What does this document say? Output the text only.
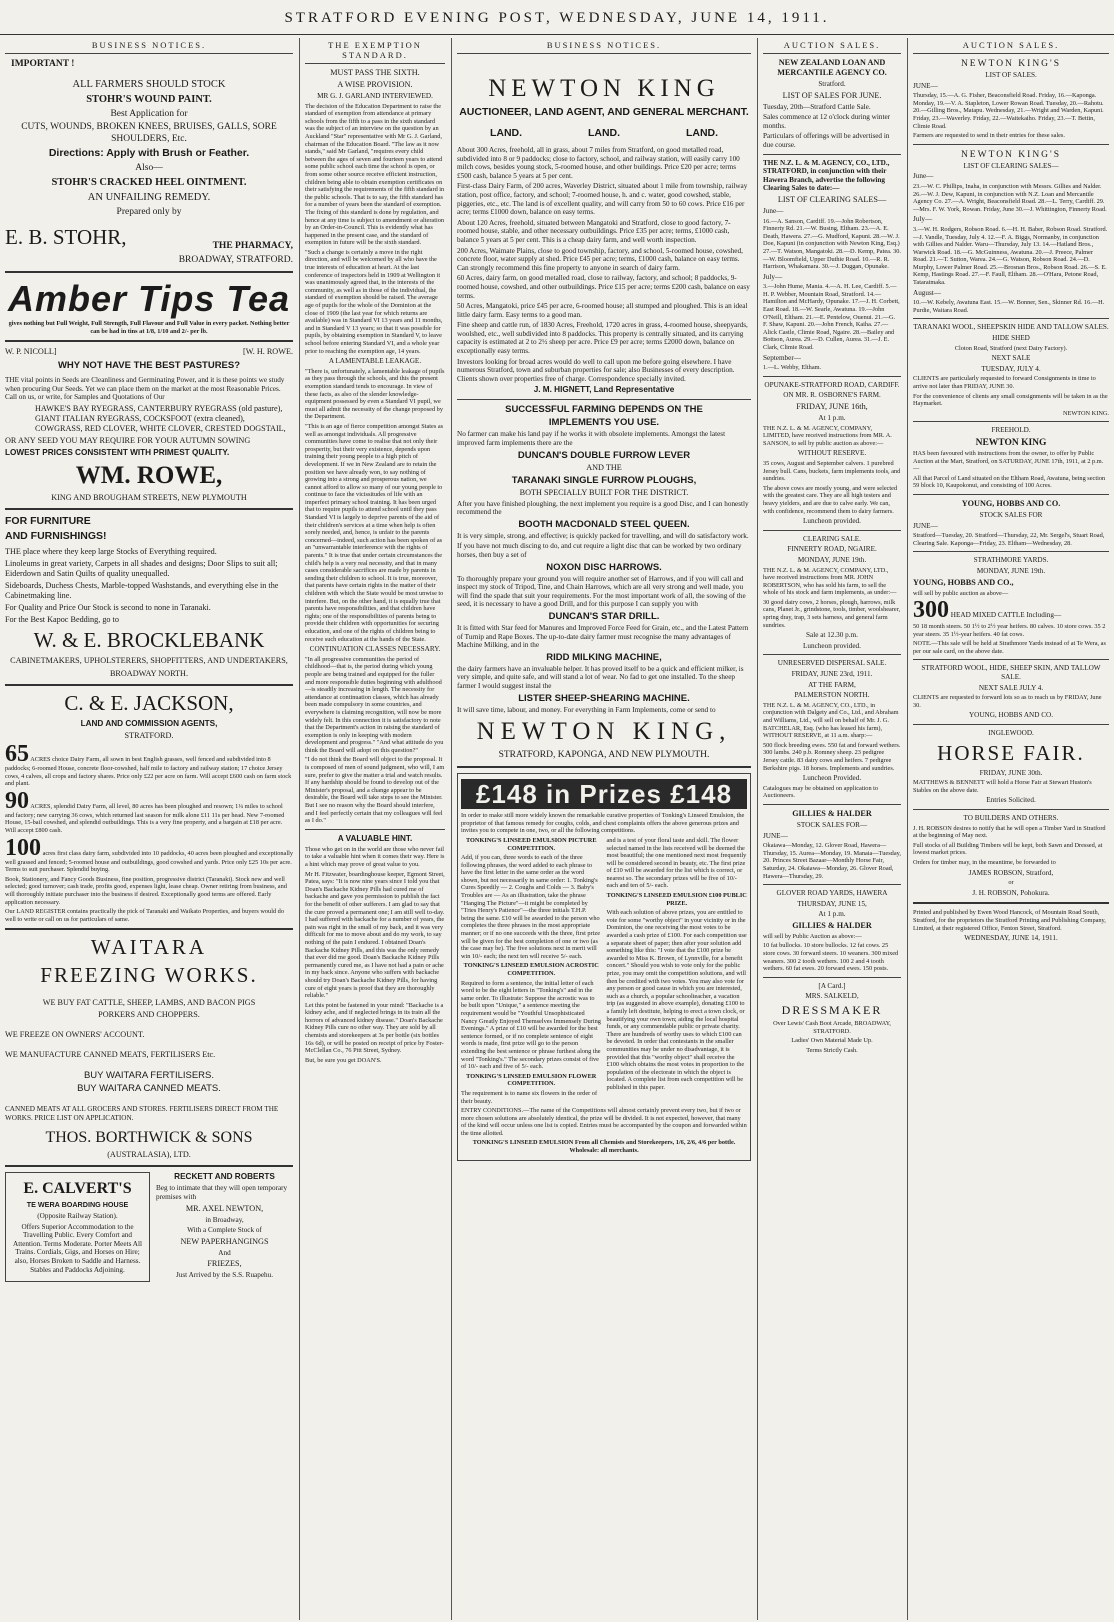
STRATFORD EVENING POST, WEDNESDAY, JUNE 14, 1911.
BUSINESS NOTICES.

IMPORTANT !

ALL FARMERS SHOULD STOCK

STOHR'S WOUND PAINT.

Best Application for

CUTS, WOUNDS, BROKEN KNEES, BRUISES, GALLS, SORE SHOULDERS, Etc.

Directions: Apply with Brush or Feather.

Also—

STOHR'S CRACKED HEEL OINTMENT.

AN UNFAILING REMEDY.

Prepared only by

E. B. STOHR,	THE PHARMACY,

BROADWAY, STRATFORD.

Amber Tips Tea

gives nothing but Full Weight, Full Strength, Full Flavour and Full Value in every packet. Nothing better can be had in tins at 1/8, 1/10 and 2/- per lb.

W. P. NICOLL]	[W. H. ROWE.

WHY NOT HAVE THE BEST PASTURES?

THE vital points in Seeds are Cleanliness and Germinating Power, and it is these points we study when procuring Our Seeds. Yet we can place them on the market at the most Reasonable Prices. Call on us, or write, for Samples and Quotations of Our

HAWKE'S BAY RYEGRASS, CANTERBURY RYEGRASS (old pasture), GIANT ITALIAN RYEGRASS, COCKSFOOT (extra cleaned), COWGRASS, RED CLOVER, WHITE CLOVER, CRESTED DOGSTAIL,

OR ANY SEED YOU MAY REQUIRE FOR YOUR AUTUMN SOWING

LOWEST PRICES CONSISTENT WITH PRIMEST QUALITY.

WM. ROWE,

KING AND BROUGHAM STREETS, NEW PLYMOUTH

FOR FURNITURE

AND FURNISHINGS!

THE place where they keep large Stocks of Everything required.

Linoleums in great variety, Carpets in all shades and designs; Door Slips to suit all; Eiderdown and Satin Quilts of quality unequalled.

Sideboards, Duchess Chests, Marble-topped Washstands, and everything else in the Cabinetmaking line.

For Quality and Price Our Stock is second to none in Taranaki.

For the Best Kapoc Bedding, go to

W. & E. BROCKLEBANK

CABINETMAKERS, UPHOLSTERERS, SHOPFITTERS, AND UNDERTAKERS,

BROADWAY NORTH.

C. & E. JACKSON,

LAND AND COMMISSION AGENTS,

STRATFORD.

65 ACRES choice Dairy Farm, all sown in best English grasses, well fenced and subdivided into 8 paddocks; 6-roomed House, concrete floor-cowshed, half mile to factory and railway station; 17 choice Jersey cows, 4 calves, all crops and factory shares. Price only £22 per acre on farm. Will accept £600 cash on farm stock and plant.

90 ACRES, splendid Dairy Farm, all level, 80 acres has been ploughed and resown; 1¼ miles to school and factory; new carrying 36 cows, which returned last season for milk alone £11 11s per head. New 7-roomed House, 15-bail cowshed, and splendid outbuildings. This is a very fine property, and a bargain at £18 per acre. Will accept £800 cash.

100 acres first class dairy farm, subdivided into 10 paddocks, 40 acres been ploughed and exceptionally well grassed and fenced; 5-roomed house and outbuildings, good cowshed and yards. Price only £25 10s per acre. Terms to suit purchaser. Splendid buying.

Book, Stationery, and Fancy Goods Business, fine position, progressive district (Taranaki). Stock new and well selected; good turnover; cash trade, profits good, expenses light, lease cheap. Owner retiring from business, and will thoroughly initiate purchaser into the business if desired. Exceptionally good terms are offered. Early application necessary.

Our LAND REGISTER contains practically the pick of Taranaki and Waikato Properties, and buyers would do well to write or call on us for particulars of same.

WAITARA

FREEZING WORKS.

WE BUY FAT CATTLE, SHEEP, LAMBS, AND BACON PIGS

PORKERS AND CHOPPERS.

WE FREEZE ON OWNERS' ACCOUNT.

WE MANUFACTURE CANNED MEATS, FERTILISERS Etc.

BUY WAITARA FERTILISERS.

BUY WAITARA CANNED MEATS.

CANNED MEATS AT ALL GROCERS AND STORES. FERTILISERS DIRECT FROM THE WORKS. PRICE LIST ON APPLICATION.

THOS. BORTHWICK & SONS

(AUSTRALASIA), LTD.

E. CALVERT'S

TE WERA BOARDING HOUSE

(Opposite Railway Station).

Offers Superior Accommodation to the Travelling Public. Every Comfort and Attention. Terms Moderate. Porter Meets All Trains. Cordials, Gigs, and Horses on Hire; also, Horses Broken to Saddle and Harness. Stables and Paddocks Adjoining.

RECKETT AND ROBERTS

Beg to intimate that they will open temporary premises with

MR. AXEL NEWTON,

in Broadway,

With a Complete Stock of

NEW PAPERHANGINGS

And

FRIEZES,

Just Arrived by the S.S. Ruapehu.

THE EXEMPTION STANDARD.

MUST PASS THE SIXTH.

A WISE PROVISION.

MR G. J. GARLAND INTERVIEWED.

The decision of the Education Department to raise the standard of exemption from attendance at primary schools from the fifth to a pass in the sixth standard was the subject of an interview on the question by an Auckland "Star" representative with Mr G. J. Garland, chairman of the Education Board. "The law as it now stands," said Mr Garland, "requires every child between the ages of seven and fourteen years to attend some public school each time the school is open, or from some other source receive efficient instruction, children being able to obtain exemption certificates on their satisfying the requirements of the fifth standard in the public schools. That is to say, the fifth standard has for a number of years been the standard of exemption. The fixing of this standard is done by regulation, and hence at any time is subject to amendment or alteration by an Order-in-Council. This is evidently what has happened in the present case, and the standard of exemption in future will be the sixth standard.

"Such a change is certainly a move in the right direction, and will be welcomed by all who have the true interests of education at heart. At the last conference of inspectors held in 1909 at Wellington it was unanimously agreed that, in the interests of the community, as well as in those of the individual, the standard of exemption should be raised. The average age of pupils for the whole of the Dominion at the close of 1909 (the last year for which returns are available) was in Standard VI 13 years and 11 months, and in Standard V 13 years; so that it was possible for pupils, by obtaining exemption in Standard V, to leave school before entering Standard VI, and a whole year prior to reaching the exemption age, 14 years.

A LAMENTABLE LEAKAGE.

"There is, unfortunately, a lamentable leakage of pupils as they pass through the schools, and this the present exemption standard tends to encourage. In view of these facts, as also of the slender knowledge-equipment possessed by even a Standard VI pupil, we must all admit the necessity of the change proposed by the Department.

"This is an age of fierce competition amongst States as well as amongst individuals. All progressive communities have come to realise that not only their prosperity, but their very existence, depends upon training their young people to a high pitch of development. If we in New Zealand are to retain the position we have already won, to say nothing of growing into a strong and prosperous nation, we cannot afford to allow so many of our young people to continue to face the vicissitudes of life with an imperfect primary school training. It has been urged that to require pupils to attend school until they pass Standard VI is largely to deprive parents of the aid of their children's services at a time when help is often sorely needed, and, hence, is unfair to the parents concerned—indeed, such action has been spoken of as an "unwarrantable interference with the rights of parents." It is true that under certain circumstances the child's help is a very real necessity, and that in many cases considerable sacrifices are made by parents in sending their children to school. It is true, moreover, that parents have certain rights in the matter of their children with which the State would be most unwise to interfere. But, on the other hand, it is equally true that parents have responsibilities, and that children have rights; one of the responsibilities of parents being to provide their children with opportunities for securing education, and one of the rights of children being to receive such education at the hands of the State.

CONTINUATION CLASSES NECESSARY.

"In all progressive communities the period of childhood—that is, the period during which young people are being trained and equipped for the fuller and more responsible duties beginning with adulthood—is steadily increasing in length. The necessity for attendance at continuation classes, which has already been made compulsory in some countries, and everywhere is claiming recognition, will now be more widely felt. In this connection it is satisfactory to note that the Department's action in raising the standard of exemption is only in keeping with modern development and progress." "And what attitude do you think the Board will adopt on this question?"

"I do not think the Board will object to the proposal. It is composed of men of sound judgment, who will, I am sure, prefer to give the matter a trial and watch results. If any hardship should be found to develop out of the Minister's proposal, and a change appear to be desirable, the Board will take steps to see the Minister. But I see no reason why the Board should interfere, and I feel perfectly certain that my colleagues will feel as I do."

A VALUABLE HINT.

Those who get on in the world are those who never fail to take a valuable hint when it comes their way. Here is a hint which may prove of great value to you.

Mr H. Fitzwater, boardinghouse keeper, Egmont Street, Patea, says: "It is now nine years since I told you that Doan's Backache Kidney Pills had cured me of backache and gave you permission to publish the fact for the benefit of other sufferers. I am glad to say that the cure proved a permanent one; I am still well to-day. I had suffered with backache for a number of years, the pain was right in the small of my back, and it was very difficult for me to move about and do my work, to say nothing of the pain I endured. I obtained Doan's Backache Kidney Pills, and this was the only remedy that ever did me good. Doan's Backache Kidney Pills permanently cured me, as I have not had a pain or ache in my back since. Anyone who suffers with backache should try Doan's Backache Kidney Pills, for having cure of eight years is proof that they are thoroughly reliable."

Let this point be fastened in your mind: "Backache is a kidney ache, and if neglected brings in its train all the horrors of advanced kidney disease." Doan's Backache Kidney Pills cure no other way. They are sold by all chemists and storekeepers at 3s per bottle (six bottles 16s 6d), or will be posted on receipt of price by Foster-McClellan Co., 76 Pitt Street, Sydney.

But, be sure you get DOAN'S.

BUSINESS NOTICES.

NEWTON KING

AUCTIONEER, LAND AGENT, AND GENERAL MERCHANT.

LAND.	LAND.	LAND.

About 300 Acres, freehold, all in grass, about 7 miles from Stratford, on good metalled road, subdivided into 8 or 9 paddocks; close to factory, school, and railway station, will easily carry 100 milch cows, besides young stock, 5-roomed house, and other buildings. Price £20 per acre; terms £500 cash, balance 5 years at 5 per cent.

First-class Dairy Farm, of 200 acres, Waverley District, situated about 1 mile from township, railway station, post office, factory, and school; 7-roomed house, h. and c. water, good cowshed, stable, piggeries, etc., etc. The land is of excellent quality, and will carry from 50 to 60 cows. Price £16 per acre; terms £1000 down, balance on easy terms.

About 120 Acres, freehold, situated between Mangatoki and Stratford, close to good factory, 7-roomed house, stable, and other necessary outbuildings. Price £35 per acre; terms, £1000 cash, balance 5 years at 5 per cent. This is a cheap dairy farm, and well worth inspection.

200 Acres, Waimate Plains, close to good township, factory, and school, 5-roomed house, cowshed, concrete floor, water supply at shed. Price £45 per acre; terms, £1000 cash, balance on easy terms. Can strongly recommend this fine property to anyone in search of dairy farm.

60 Acres, dairy farm, on good metalled road, close to railway, factory, and school; 8 paddocks, 9-roomed house, cowshed, and other outbuildings. Price £15 per acre; terms £200 cash, balance on easy terms.

50 Acres, Mangatoki, price £45 per acre, 6-roomed house; all stumped and ploughed. This is an ideal little dairy farm. Easy terms to a good man.

Fine sheep and cattle run, of 1830 Acres, Freehold, 1720 acres in grass, 4-roomed house, sheepyards, woolshed, etc., well subdivided into 8 paddocks. This property is centrally situated, and its carrying capacity is estimated at 2 to 2½ sheep per acre. Price £9 per acre; terms £2000 down, balance on exceptionally easy terms.

Investors looking for broad acres would do well to call upon me before going elsewhere. I have numerous Stratford, town and suburban properties for sale; also Businesses of every description. Clients shown over properties free of charge. Correspondence specially invited.

J. M. HIGNETT, Land Representative

SUCCESSFUL FARMING DEPENDS ON THE

IMPLEMENTS YOU USE.

No farmer can make his land pay if he works it with obsolete implements. Amongst the latest improved farm implements there are the

DUNCAN'S DOUBLE FURROW LEVER

AND THE

TARANAKI SINGLE FURROW PLOUGHS,

BOTH SPECIALLY BUILT FOR THE DISTRICT.

After you have finished ploughing, the next implement you require is a good Disc, and I can honestly recommend the

BOOTH MACDONALD STEEL QUEEN.

It is very simple, strong, and effective; is quickly packed for travelling, and will do satisfactory work.

If you have not much discing to do, and cut require a light disc that can be worked by two ordinary horses, then buy a set of

NOXON DISC HARROWS.

To thoroughly prepare your ground you will require another set of Harrows, and if you will call and inspect my stock of Tripod, Tine, and Chain Harrows, which are all very strong and well made, you will find the spade that suit your requirements. For the most important work of all, the sowing of the seed, it is necessary to have a good Drill, and for this purpose I can supply you with

DUNCAN'S STAR DRILL.

It is fitted with Star feed for Manures and Improved Force Feed for Grain, etc., and the Latest Pattern of Turnip and Rape Boxes. The up-to-date dairy farmer must recognise the many advantages of Machine Milking, and in the

RIDD MILKING MACHINE,

the dairy farmers have an invaluable helper. It has proved itself to be a quick and efficient milker, is very simple, and quite safe, and will stand a lot of wear. No fad to get one installed. To the sheep farmer I would suggest instal the

LISTER SHEEP-SHEARING MACHINE.

It will save time, labour, and money. For everything in Farm Implements, come or send to

NEWTON KING,

STRATFORD, KAPONGA, AND NEW PLYMOUTH.

£148 in Prizes £148

In order to make still more widely known the remarkable curative properties of Tonking's Linseed Emulsion, the proprietor of that famous remedy for coughs, colds, and chest complaints offers the above generous prizes and invites you to compete in one, two, or all the following competitions.

TONKING'S LINSEED EMULSION PICTURE COMPETITION.

Add, if you can, three words to each of the three following phrases, the word added to each phrase to have the first letter in the same order as the word shown, but not necessarily in same order: 1. Tonking's Cures Speedily — 2. Coughs and Colds — 3. Baby's Troubles are — As an illustration, take the phrase "Hanging The Picture"—it might be completed by "Tries Henry's Patience"—the three initials T.H.P. being the same. £10 will be awarded to the person who completes the three phrases in the most appropriate manner; or if no one succeeds with the three, first prize will be given for the best completion of one or two (as the case may be). The five solutions next in merit will win 10/- each; the next ten will receive 5/- each.

TONKING'S LINSEED EMULSION ACROSTIC COMPETITION.

Required to form a sentence, the initial letter of each word to be the eight letters in "Tonking's" and in the same order. To illustrate: Suppose the acrostic was to be built upon "Unique," a sentence meeting the requirement would be "Youthful Unsophisticated Nancy Greatly Enjoyed Themselves Immensely During Evenings." A prize of £10 will be awarded for the best sentence formed, or if no complete sentence of eight words is made, first prize will go to the person extending the best sentence or phrase furthest along the word "Tonking's." The secondary prizes consist of five of 10/- each and five of 5/- each.

TONKING'S LINSEED EMULSION FLOWER COMPETITION.

The requirement is to name six flowers in the order of their beauty.

and is a test of your floral taste and skill. The flower selected named in the lists received will be deemed the most beautiful; the one mentioned next most frequently will be considered second in beauty, etc. The first prize of £10 will be awarded for the list which is correct, or nearest so. The secondary prizes will be five of 10/- each and ten of 5/- each.

TONKING'S LINSEED EMULSION £100 PUBLIC PRIZE.

With each solution of above prizes, you are entitled to vote for some "worthy object" in your vicinity or in the Dominion, the one receiving the most votes to be awarded a cash prize of £100. For each competition use a separate sheet of paper; then after your solution add something like this: "I vote that the £100 prize be awarded to Miss K. Brown, of Lynnville, for a benefit concert." Should you wish to vote only for the public prize, you may omit the competition solutions, and will then be credited with two votes. You may also vote for any person or good cause in which you are interested, such as a church, a popular schoolteacher, a vacation trip (as suggested in above example), donating £100 to a family left destitute, helping to erect a town clock, or beautifying your own town; aiding the local hospital funds, or any commendable public or private charity. There are hundreds of worthy uses to which £100 can be devoted. In order that contestants in the smaller communities may be under no disadvantage, it is provided that this "worthy object" shall receive the £100 which obtains the most votes in proportion to the population of the electorate in which the object is located. A complete list from each competition will be published in this paper.

ENTRY CONDITIONS.—The name of the Competitions will almost certainly prevent every two, but if two or more chosen solutions are absolutely identical, the prize will be divided. It is not expected, however, that many of the kind will occur unless one list is copied. Entries must be accompanied by the coupon and forwarded within the time allotted.

TONKING'S LINSEED EMULSION From all Chemists and Storekeepers, 1/6, 2/6, 4/6 per bottle. Wholesale: all merchants.

AUCTION SALES.

NEW ZEALAND LOAN AND MERCANTILE AGENCY CO.

Stratford.

LIST OF SALES FOR JUNE.

Tuesday, 20th—Stratford Cattle Sale.

Sales commence at 12 o'clock during winter months.

Particulars of offerings will be advertised in due course.

THE N.Z. L. & M. AGENCY, CO., LTD., STRATFORD, in conjunction with their Hawera Branch, advertise the following Clearing Sales to date:—

LIST OF CLEARING SALES—

June—

16.—A. Sanson, Cardiff. 19.—John Robertson, Finnerty Rd. 21.—W. Busing, Eltham. 23.—A. E. Death, Hawera. 27.—G. Mudford, Kapuni. 28.—W. J. Doe, Kapuni (in conjunction with Newton King, Esq.) 27.—T. Watson, Mangatoki. 28.—D. Kemp, Patea. 30.—W. Bloomfield, Upper Duthie Road. 10.—R. R. Harrison, Whakamara. 30.—J. Duggan, Opunake.

July—

3.—John Hume, Mania. 4.—A. H. Lee, Cardiff. 5.—H. P. Webber, Mountain Road, Stratford. 14.—Hamilton and McHardy, Opunake. 17.—J. H. Corbett, East Road. 18.—W. Searle, Awatuna. 19.—John O'Neill, Eltham. 21.—E. Pentelow, Ouenui. 21.—G. F. Shaw, Kapuni. 20.—John French, Kaiha. 27.—Alick Castle, Climie Road, Ngaire. 28.—Bailey and Bottson, Aurea. 29.—D. Cullen, Aurea. 31.—J. E. Clark, Climie Road.

September—

1.—L. Webby, Eltham.

OPUNAKE-STRATFORD ROAD, CARDIFF.

ON MR. R. OSBORNE'S FARM.

FRIDAY, JUNE 16th,

At 1 p.m.

THE N.Z. L. & M. AGENCY, COMPANY, LIMITED, have received instructions from MR. A. SANSON, to sell by public auction as above:—

WITHOUT RESERVE.

35 cows, August and September calvers. 1 purebred Jersey bull. Cans, buckets, farm implements tools, and sundries.

The above cows are mostly young, and were selected with the greatest care. They are all high testers and heavy yielders, and are due to calve early. We can, with confidence, recommend them to dairy farmers.

Luncheon provided.

CLEARING SALE.

FINNERTY ROAD, NGAIRE.

MONDAY, JUNE 19th.

THE N.Z. L. & M. AGENCY, COMPANY, LTD., have received instructions from MR. JOHN ROBERTSON, who has sold his farm, to sell the whole of his stock and farm implements, as under:—

30 good dairy cows, 2 horses, plough, harrows, milk cans, Planet Jr., grindstone, tools, timber, woolshearer, spring dray, trap, 3 sets harness, and general farm sundries.

Sale at 12.30 p.m.

Luncheon provided.

UNRESERVED DISPERSAL SALE.

FRIDAY, JUNE 23rd, 1911.

AT THE FARM,

PALMERSTON NORTH.

THE N.Z. L. & M. AGENCY, CO., LTD., in conjunction with Dalgety and Co., Ltd., and Abraham and Williams, Ltd., will sell on behalf of Mr. J. G. BATCHELAR, Esq. (who has leased his farm), WITHOUT RESERVE, at 11 a.m. sharp:—

500 flock breeding ewes. 550 fat and forward wethers. 300 lambs. 240 p.b. Romney sheep. 23 pedigree Jersey cattle. 83 dairy cows and heifers. 7 pedigree Berkshire pigs. 18 horses. Implements and sundries.

Luncheon Provided.

Catalogues may be obtained on application to Auctioneers.

GILLIES & HALDER

STOCK SALES FOR—

JUNE—

Okaiawa—Monday, 12. Glover Road, Hawera—Thursday, 15. Aurea—Monday, 19. Manaia—Tuesday, 20. Princes Street Bazaar—Monthly Horse Fair, Saturday, 24. Okaiawa—Monday, 26. Glover Road, Hawera—Thursday, 29.

GLOVER ROAD YARDS, HAWERA

THURSDAY, JUNE 15,

At 1 p.m.

GILLIES & HALDER

will sell by Public Auction as above:—

10 fat bullocks. 10 store bullocks. 12 fat cows. 25 store cows. 30 forward steers. 10 weaners. 300 mixed weaners. 300 2 tooth wethers. 100 2 and 4 tooth wethers. 60 fat ewes. 20 forward ewes. 150 posts.

[A Card.]

MRS. SALKELD,

DRESSMAKER

Over Lewis' Cash Boot Arcade, BROADWAY, STRATFORD.

Ladies' Own Material Made Up.

Terms Strictly Cash.

AUCTION SALES.

NEWTON KING'S

LIST OF SALES.

JUNE—

Thursday, 15.—A. G. Fisher, Beaconsfield Road. Friday, 16.—Kaponga. Monday, 19.—V. A. Stapleton, Lower Rowan Road. Tuesday, 20.—Rahotu. 20.—Gilling Bros., Matapu. Wednesday, 21.—Wright and Warden, Kapuni. Friday, 23.—Waverley. Friday, 22.—Waitekaiho. Friday, 23.—T. Bettin, Climie Road.

Farmers are requested to send in their entries for these sales.

NEWTON KING'S

LIST OF CLEARING SALES—

June—

23.—W. C. Phillips, Inaha, in conjunction with Messrs. Gillies and Nalder. 26.—W. J. Dew, Kapuni, in conjunction with N.Z. Loan and Mercantile Agency Co. 27.—A. Wright, Beaconsfield Road. 28.—L. Terry, Cardiff. 29.—Mrs. F. W. York, Rowan. Friday, June 30.—J. Whittington, Finnerty Road.

July—

3.—W. H. Rodgers, Robson Road. 6.—H. H. Baber, Robson Road. Stratford.—J. Vandle, Tuesday, July 4. 12.—F. A. Biggs, Normanby, in conjunction with Gillies and Nalder. Waru—Thursday, July 13. 14.—Hatland Bros., Warwick Road. 18.—G. McGuinness, Awatuna. 20.—J. Preece, Palmer Road. 21.—T. Sutton, Warea. 24.—G. Watson, Robson Road. 24.—D. Murphy, Lower Palmer Road. 25.—Brosnan Bros., Robson Road. 26.—S. E. Kemp, Hastings Road. 27.—F. Faull, Eltham. 28.—O'Hara, Petone Road, Tataraimaka.

August—

10.—W. Kebely, Awatuna East. 15.—W. Bonner, Sen., Skinner Rd. 16.—H. Purdie, Waitara Road.

TARANAKI WOOL, SHEEPSKIN HIDE AND TALLOW SALES.

HIDE SHED

Cloton Road, Stratford (next Dairy Factory).

NEXT SALE

TUESDAY, JULY 4.

CLIENTS are particularly requested to forward Consignments in time to arrive not later than FRIDAY, JUNE 30.

For the convenience of clients any small consignments will be taken in as the Haymarket.

NEWTON KING.

FREEHOLD.

NEWTON KING

HAS been favoured with instructions from the owner, to offer by Public Auction at the Mart, Stratford, on SATURDAY, JUNE 17th, 1911, at 2 p.m.—

All that Parcel of Land situated on the Eltham Road, Awatuna, being section 59 block 10, Kaupokonui, and consisting of 100 Acres.

YOUNG, HOBBS AND CO.

STOCK SALES FOR

JUNE—

Stratford—Tuesday, 20. Stratford—Thursday, 22, Mr. Sergel's, Stuart Road, Clearing Sale. Kaponga—Friday, 23. Eltham—Wednesday, 28.

STRATHMORE YARDS.

MONDAY, JUNE 19th.

YOUNG, HOBBS AND CO.,

will sell by public auction as above—

300 HEAD MIXED CATTLE Including—

50 18 month steers. 50 1½ to 2½ year heifers. 80 calves. 10 store cows. 35 2 year steers. 35 1½-year heifers. 40 fat cows.

NOTE.—This sale will be held at Strathmore Yards instead of at Te Wera, as per our sale card, on the above date.

STRATFORD WOOL, HIDE, SHEEP SKIN, AND TALLOW SALE.

NEXT SALE JULY 4.

CLIENTS are requested to forward lots so as to reach us by FRIDAY, June 30.

YOUNG, HOBBS AND CO.

INGLEWOOD.

HORSE FAIR.

FRIDAY, JUNE 30th.

MATTHEWS & BENNETT will hold a Horse Fair at Stewart Huston's Stables on the above date.

Entries Solicited.

TO BUILDERS AND OTHERS.

J. H. ROBSON desires to notify that he will open a Timber Yard in Stratford at the beginning of May next.

Full stocks of all Building Timbers will be kept, both Sawn and Dressed, at lowest market prices.

Orders for timber may, in the meantime, be forwarded to

JAMES ROBSON, Stratford,

or

J. H. ROBSON, Pohokura.

Printed and published by Ewen Wood Hancock, of Mountain Road South, Stratford, for the proprietors the Stratford Printing and Publishing Company, Limited, at their registered Office, Fenton Street, Stratford.

WEDNESDAY, JUNE 14, 1911.
